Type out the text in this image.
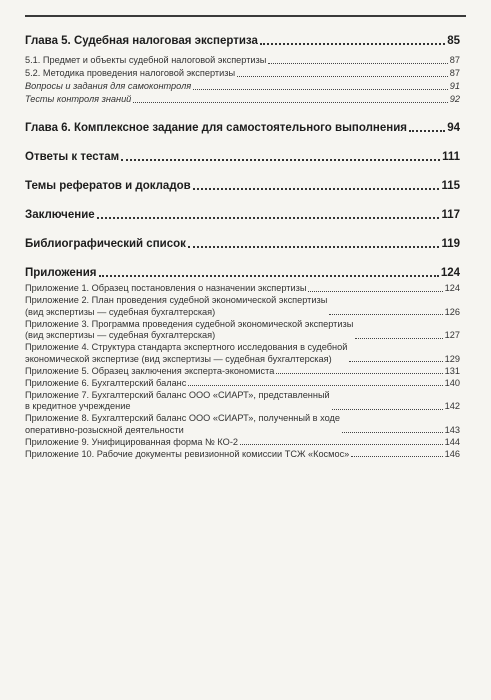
Глава 5. Судебная налоговая экспертиза	85
5.1. Предмет и объекты судебной налоговой экспертизы	87
5.2. Методика проведения налоговой экспертизы	87
Вопросы и задания для самоконтроля	91
Тесты контроля знаний	92
Глава 6. Комплексное задание для самостоятельного выполнения	94
Ответы к тестам	111
Темы рефератов и докладов	115
Заключение	117
Библиографический список	119
Приложения	124
Приложение 1. Образец постановления о назначении экспертизы	124
Приложение 2. План проведения судебной экономической экспертизы
(вид экспертизы — судебная бухгалтерская)	126
Приложение 3. Программа проведения судебной экономической экспертизы
(вид экспертизы — судебная бухгалтерская)	127
Приложение 4. Структура стандарта экспертного исследования в судебной
экономической экспертизе (вид экспертизы — судебная бухгалтерская)	129
Приложение 5. Образец заключения эксперта-экономиста	131
Приложение 6. Бухгалтерский баланс	140
Приложение 7. Бухгалтерский баланс ООО «СИАРТ», представленный
в кредитное учреждение	142
Приложение 8. Бухгалтерский баланс ООО «СИАРТ», полученный в ходе
оперативно-розыскной деятельности	143
Приложение 9. Унифицированная форма № КО-2	144
Приложение 10. Рабочие документы ревизионной комиссии ТСЖ «Космос»	146
